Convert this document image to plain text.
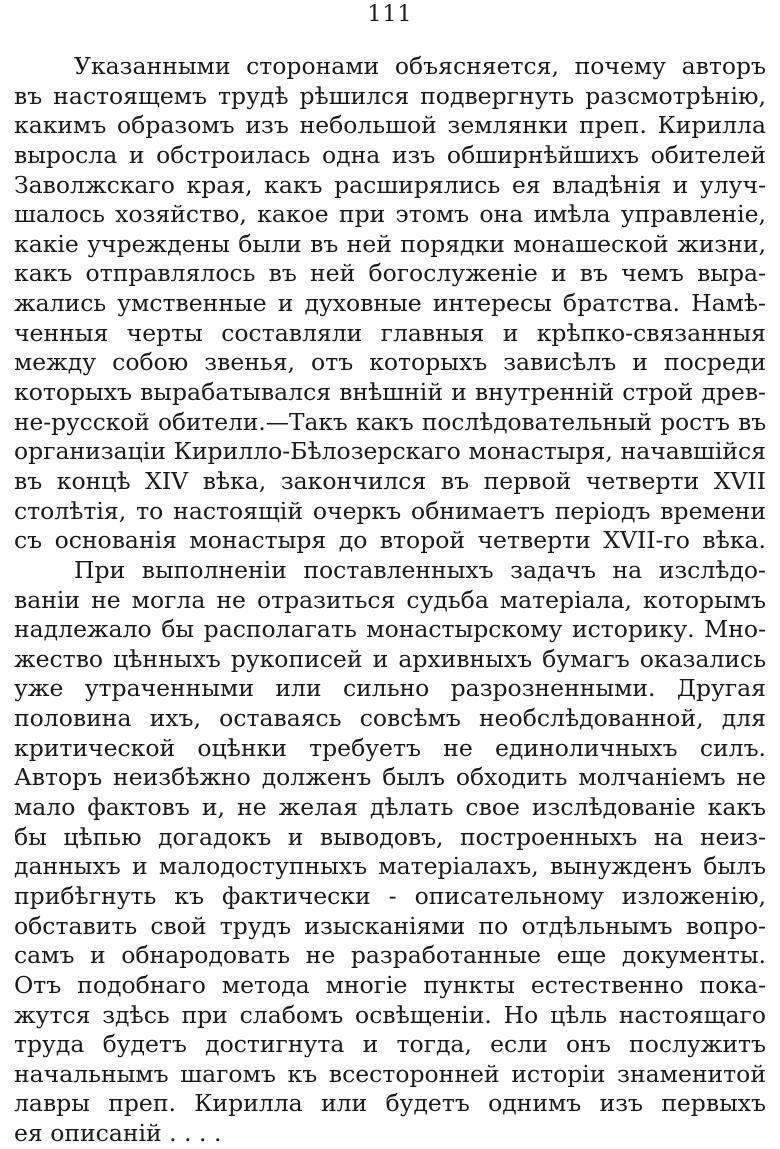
111
Указанными сторонами объясняется, почему авторъ
въ настоящемъ трудѣ рѣшился подвергнуть разсмотрѣнію,
какимъ образомъ изъ небольшой землянки преп. Кирилла
выросла и обстроилась одна изъ обширнѣйшихъ обителей
Заволжскаго края, какъ расширялись ея владѣнія и улуч-
шалось хозяйство, какое при этомъ она имѣла управленіе,
какіе учреждены были въ ней порядки монашеской жизни,
какъ отправлялось въ ней богослуженіе и въ чемъ выра-
жались умственные и духовные интересы братства. Намѣ-
ченныя черты составляли главныя и крѣпко-связанныя
между собою звенья, отъ которыхъ зависѣлъ и посреди
которыхъ вырабатывался внѣшній и внутренній строй древ-
не-русской обители.—Такъ какъ послѣдовательный ростъ въ
организаціи Кирилло-Бѣлозерскаго монастыря, начавшійся
въ концѣ XIV вѣка, закончился въ первой четверти XVII
столѣтія, то настоящій очеркъ обнимаетъ періодъ времени
съ основанія монастыря до второй четверти XVII-го вѣка.
При выполненіи поставленныхъ задачъ на изслѣдо-
ваніи не могла не отразиться судьба матеріала, которымъ
надлежало бы располагать монастырскому историку. Мно-
жество цѣнныхъ рукописей и архивныхъ бумагъ оказались
уже утраченными или сильно разрозненными. Другая
половина ихъ, оставаясь совсѣмъ необслѣдованной, для
критической оцѣнки требуетъ не единоличныхъ силъ.
Авторъ неизбѣжно долженъ былъ обходить молчаніемъ не
мало фактовъ и, не желая дѣлать свое изслѣдованіе какъ
бы цѣпью догадокъ и выводовъ, построенныхъ на неиз-
данныхъ и малодоступныхъ матеріалахъ, вынужденъ былъ
прибѣгнуть къ фактически - описательному изложенію,
обставить свой трудъ изысканіями по отдѣльнымъ вопро-
самъ и обнародовать не разработанные еще документы.
Отъ подобнаго метода многіе пункты естественно пока-
жутся здѣсь при слабомъ освѣщеніи. Но цѣль настоящаго
труда будетъ достигнута и тогда, если онъ послужитъ
начальнымъ шагомъ къ всесторонней исторіи знаменитой
лавры преп. Кирилла или будетъ однимъ изъ первыхъ
ея описаній . . . .
